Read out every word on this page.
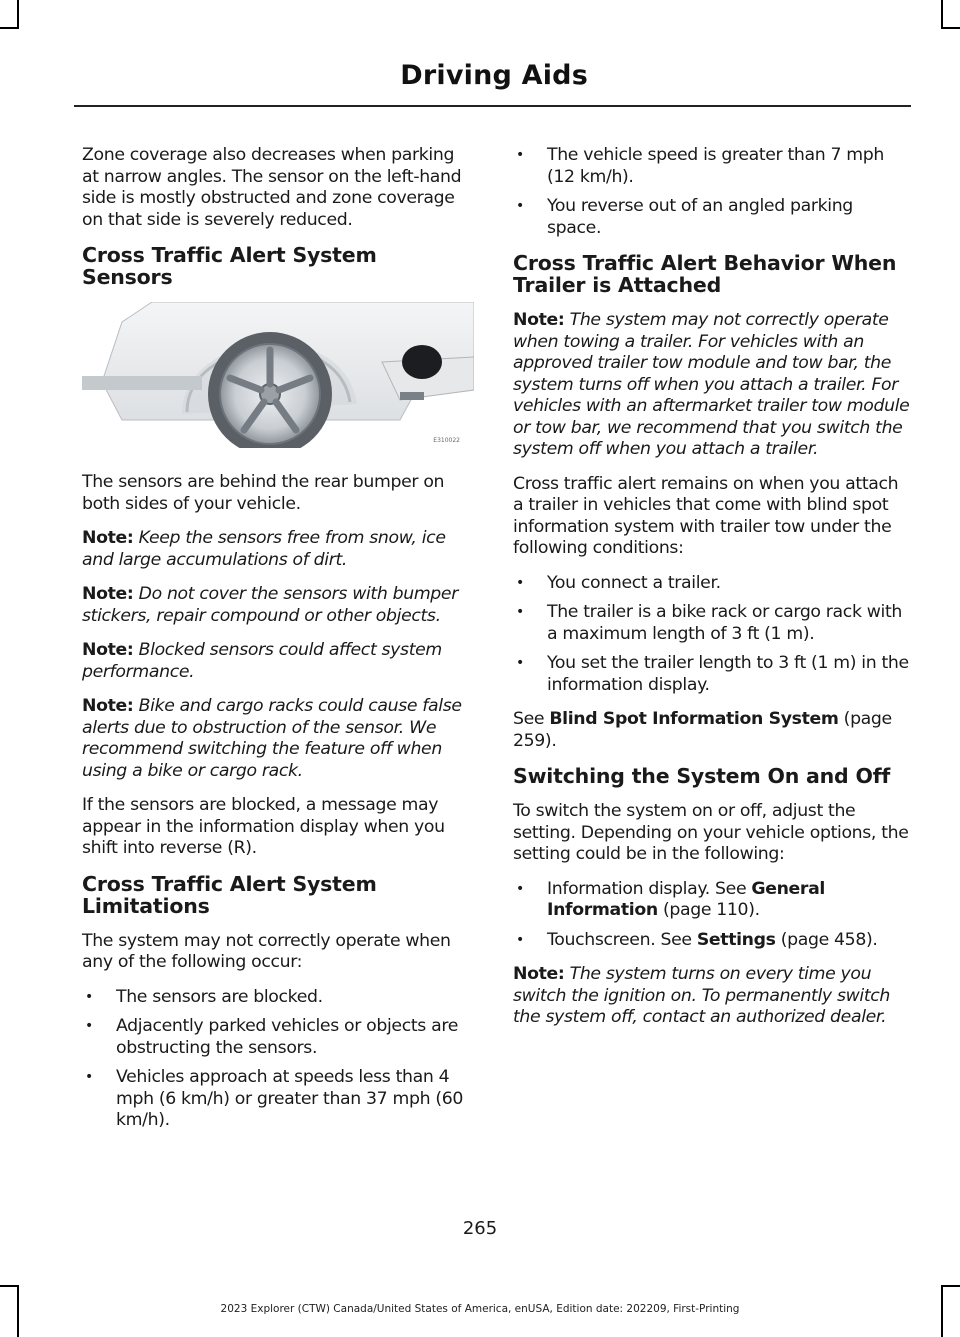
Driving Aids

Zone coverage also decreases when parking at narrow angles. The sensor on the left-hand side is mostly obstructed and zone coverage on that side is severely reduced.

Cross Traffic Alert System Sensors
E310022

The sensors are behind the rear bumper on both sides of your vehicle.

Note: Keep the sensors free from snow, ice and large accumulations of dirt.

Note: Do not cover the sensors with bumper stickers, repair compound or other objects.

Note: Blocked sensors could affect system performance.

Note: Bike and cargo racks could cause false alerts due to obstruction of the sensor. We recommend switching the feature off when using a bike or cargo rack.

If the sensors are blocked, a message may appear in the information display when you shift into reverse (R).

Cross Traffic Alert System Limitations

The system may not correctly operate when any of the following occur:

• The sensors are blocked.
• Adjacently parked vehicles or objects are obstructing the sensors.
• Vehicles approach at speeds less than 4 mph (6 km/h) or greater than 37 mph (60 km/h).
• The vehicle speed is greater than 7 mph (12 km/h).
• You reverse out of an angled parking space.
Cross Traffic Alert Behavior When Trailer is Attached

Note: The system may not correctly operate when towing a trailer. For vehicles with an approved trailer tow module and tow bar, the system turns off when you attach a trailer. For vehicles with an aftermarket trailer tow module or tow bar, we recommend that you switch the system off when you attach a trailer.

Cross traffic alert remains on when you attach a trailer in vehicles that come with blind spot information system with trailer tow under the following conditions:

• You connect a trailer.
• The trailer is a bike rack or cargo rack with a maximum length of 3 ft (1 m).
• You set the trailer length to 3 ft (1 m) in the information display.

See Blind Spot Information System (page 259).

Switching the System On and Off

To switch the system on or off, adjust the setting. Depending on your vehicle options, the setting could be in the following:

• Information display. See General Information (page 110).
• Touchscreen. See Settings (page 458).

Note: The system turns on every time you switch the ignition on. To permanently switch the system off, contact an authorized dealer.

265
2023 Explorer (CTW) Canada/United States of America, enUSA, Edition date: 202209, First-Printing
